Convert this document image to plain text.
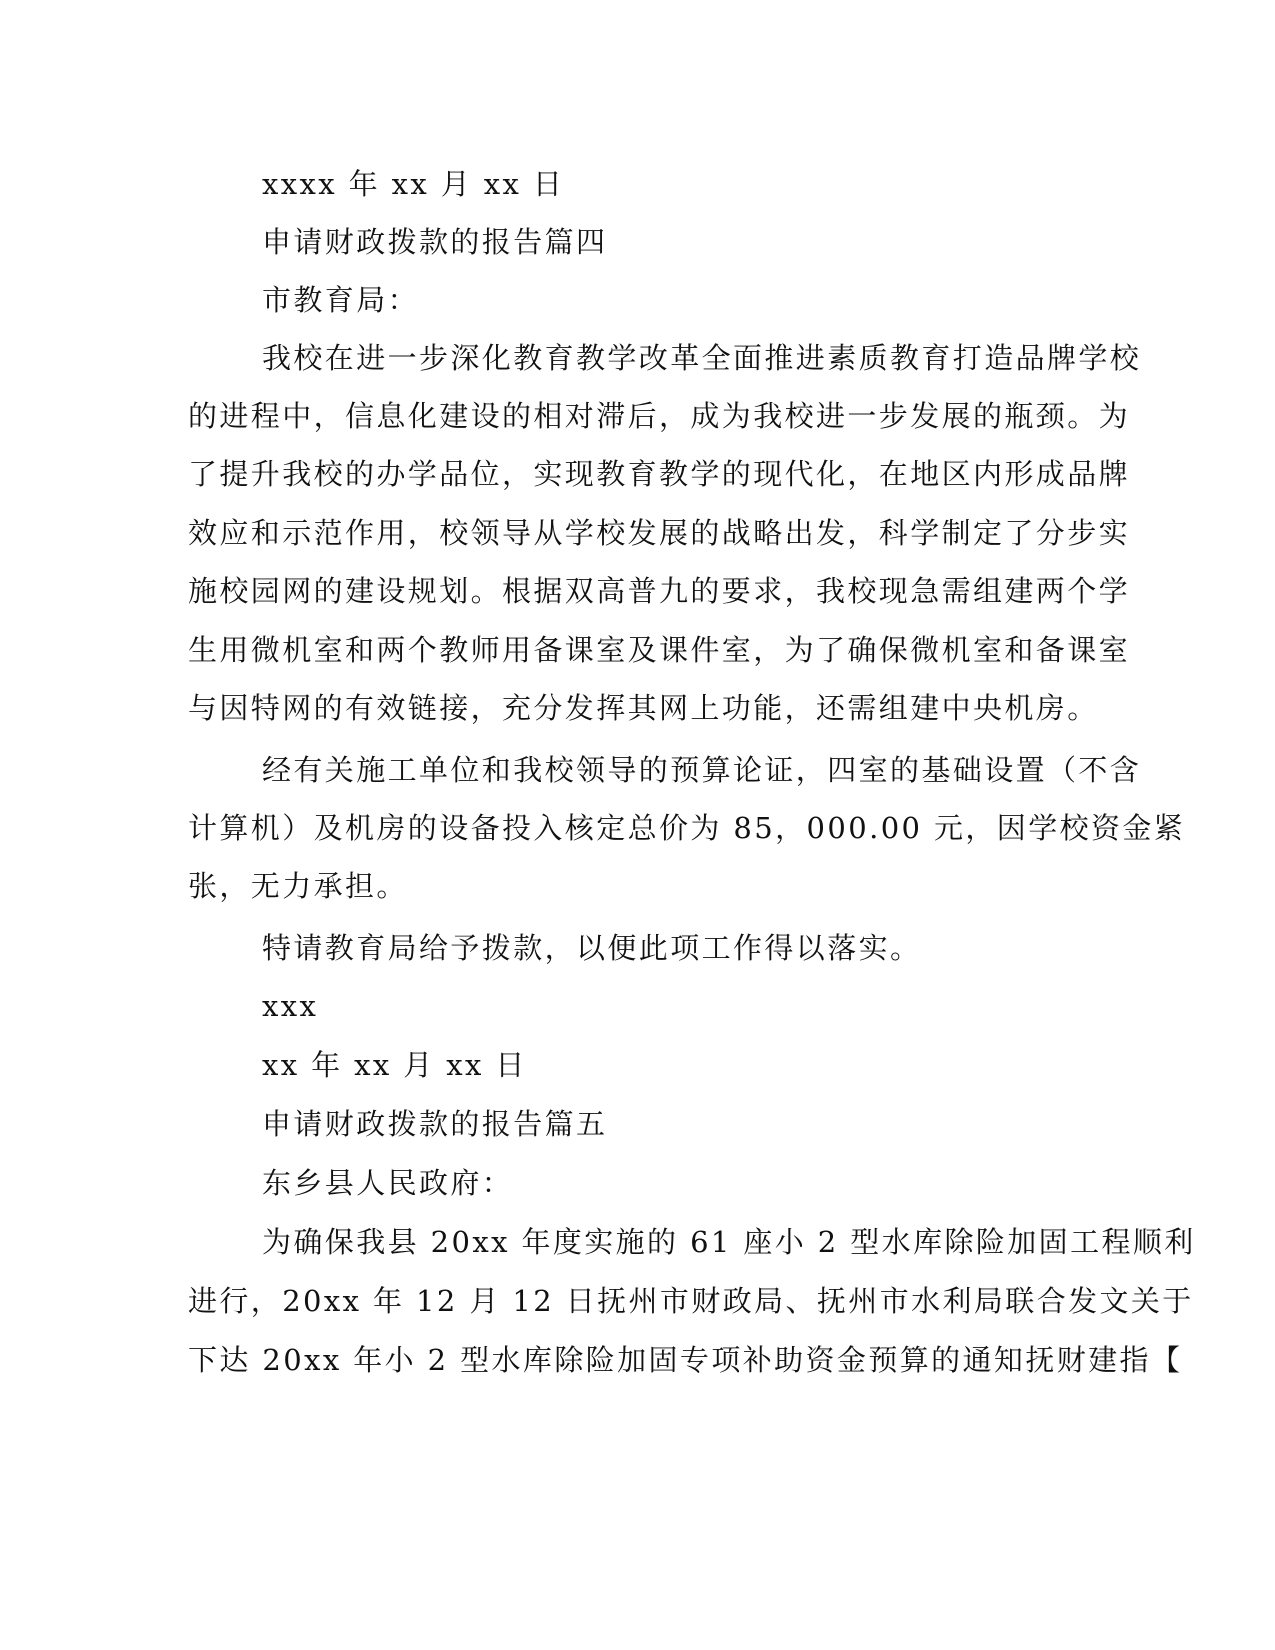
xxxx 年 xx 月 xx 日
申请财政拨款的报告篇四
市教育局：
我校在进一步深化教育教学改革全面推进素质教育打造品牌学校
的进程中，信息化建设的相对滞后，成为我校进一步发展的瓶颈。为
了提升我校的办学品位，实现教育教学的现代化，在地区内形成品牌
效应和示范作用，校领导从学校发展的战略出发，科学制定了分步实
施校园网的建设规划。根据双高普九的要求，我校现急需组建两个学
生用微机室和两个教师用备课室及课件室，为了确保微机室和备课室
与因特网的有效链接，充分发挥其网上功能，还需组建中央机房。
经有关施工单位和我校领导的预算论证，四室的基础设置（不含
计算机）及机房的设备投入核定总价为 85，000.00 元，因学校资金紧
张，无力承担。
特请教育局给予拨款，以便此项工作得以落实。
xxx
xx 年 xx 月 xx 日
申请财政拨款的报告篇五
东乡县人民政府：
为确保我县 20xx 年度实施的 61 座小 2 型水库除险加固工程顺利
进行，20xx 年 12 月 12 日抚州市财政局、抚州市水利局联合发文关于
下达 20xx 年小 2 型水库除险加固专项补助资金预算的通知抚财建指【
